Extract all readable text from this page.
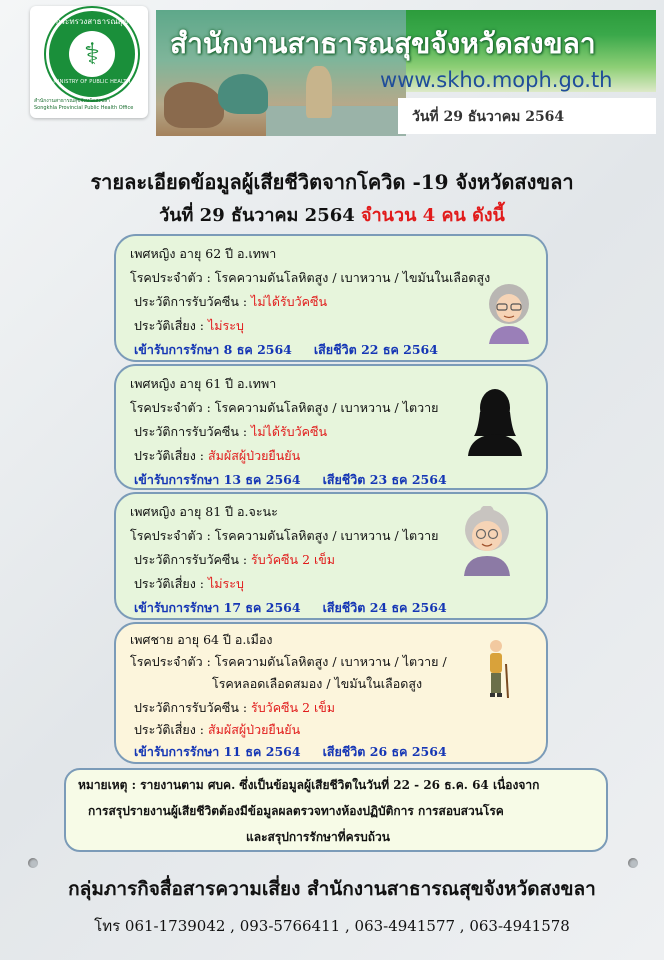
กระทรวงสาธารณสุข
⚕
MINISTRY OF PUBLIC HEALTH
สำนักงานสาธารณสุขจังหวัดสงขลา
Songkhla Provincial Public Health Office
สำนักงานสาธารณสุขจังหวัดสงขลา
www.skho.moph.go.th
วันที่ 29 ธันวาคม 2564
รายละเอียดข้อมูลผู้เสียชีวิตจากโควิด -19 จังหวัดสงขลา
วันที่ 29 ธันวาคม 2564 จำนวน 4 คน ดังนี้
เพศหญิง อายุ 62 ปี อ.เทพา
โรคประจำตัว : โรคความดันโลหิตสูง / เบาหวาน / ไขมันในเลือดสูง
ประวัติการรับวัคซีน : ไม่ได้รับวัคซีน
ประวัติเสี่ยง : ไม่ระบุ
เข้ารับการรักษา 8 ธค 2564 เสียชีวิต 22 ธค 2564
เพศหญิง อายุ 61 ปี อ.เทพา
โรคประจำตัว : โรคความดันโลหิตสูง / เบาหวาน / ไตวาย
ประวัติการรับวัคซีน : ไม่ได้รับวัคซีน
ประวัติเสี่ยง : สัมผัสผู้ป่วยยืนยัน
เข้ารับการรักษา 13 ธค 2564 เสียชีวิต 23 ธค 2564
เพศหญิง อายุ 81 ปี อ.จะนะ
โรคประจำตัว : โรคความดันโลหิตสูง / เบาหวาน / ไตวาย
ประวัติการรับวัคซีน : รับวัคซีน 2 เข็ม
ประวัติเสี่ยง : ไม่ระบุ
เข้ารับการรักษา 17 ธค 2564 เสียชีวิต 24 ธค 2564
เพศชาย อายุ 64 ปี อ.เมือง
โรคประจำตัว : โรคความดันโลหิตสูง / เบาหวาน / ไตวาย /
โรคหลอดเลือดสมอง / ไขมันในเลือดสูง
ประวัติการรับวัคซีน : รับวัคซีน 2 เข็ม
ประวัติเสี่ยง : สัมผัสผู้ป่วยยืนยัน
เข้ารับการรักษา 11 ธค 2564 เสียชีวิต 26 ธค 2564
หมายเหตุ : รายงานตาม ศบค. ซึ่งเป็นข้อมูลผู้เสียชีวิตในวันที่ 22 - 26 ธ.ค. 64 เนื่องจาก
การสรุปรายงานผู้เสียชีวิตต้องมีข้อมูลผลตรวจทางห้องปฏิบัติการ การสอบสวนโรค
และสรุปการรักษาที่ครบถ้วน
กลุ่มภารกิจสื่อสารความเสี่ยง สำนักงานสาธารณสุขจังหวัดสงขลา
โทร 061-1739042 , 093-5766411 , 063-4941577 , 063-4941578
